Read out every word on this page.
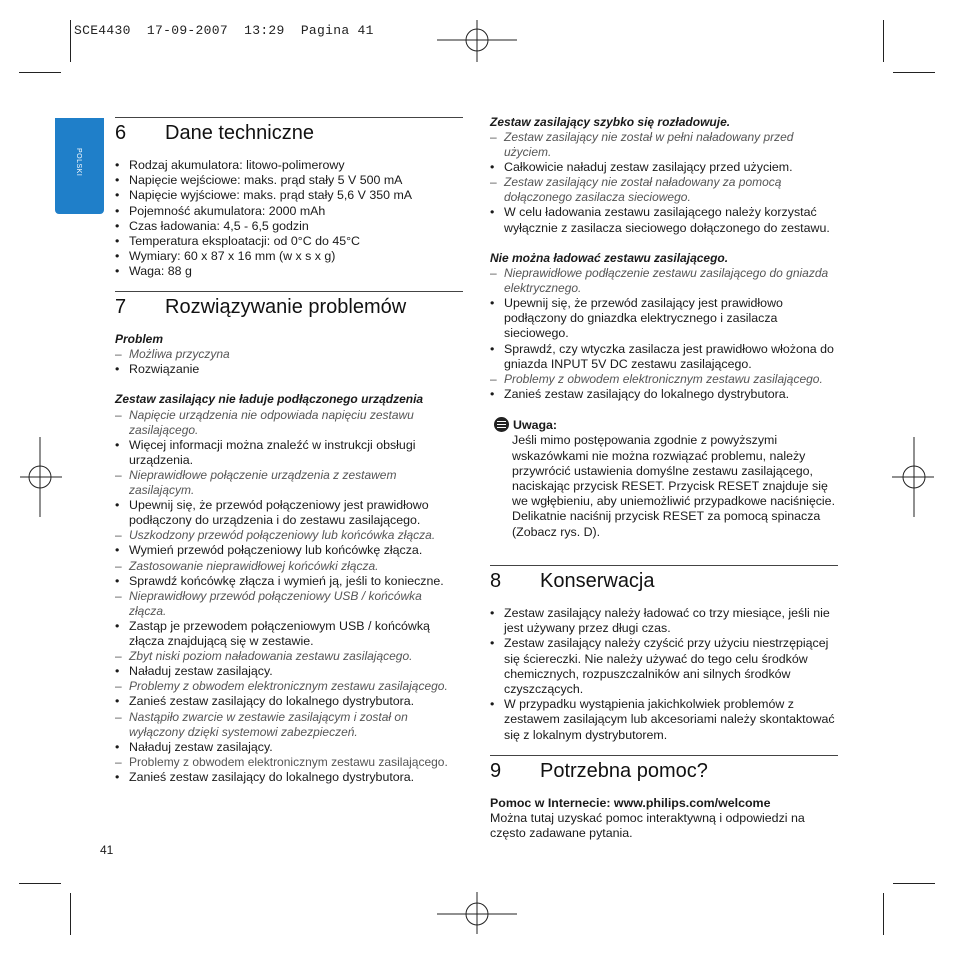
SCE4430  17-09-2007  13:29  Pagina 41
POLSKI
6 Dane techniczne
• Rodzaj akumulatora: litowo-polimerowy
• Napięcie wejściowe: maks. prąd stały 5 V 500 mA
• Napięcie wyjściowe: maks. prąd stały 5,6 V 350 mA
• Pojemność akumulatora: 2000 mAh
• Czas ładowania: 4,5 - 6,5 godzin
• Temperatura eksploatacji: od 0°C do 45°C
• Wymiary: 60 x 87 x 16 mm (w x s x g)
• Waga: 88 g
7 Rozwiązywanie problemów
Problem
– Możliwa przyczyna
• Rozwiązanie
Zestaw zasilający nie ładuje podłączonego urządzenia
– Napięcie urządzenia nie odpowiada napięciu zestawu zasilającego.
• Więcej informacji można znaleźć w instrukcji obsługi urządzenia.
– Nieprawidłowe połączenie urządzenia z zestawem zasilającym.
• Upewnij się, że przewód połączeniowy jest prawidłowo podłączony do urządzenia i do zestawu zasilającego.
– Uszkodzony przewód połączeniowy lub końcówka złącza.
• Wymień przewód połączeniowy lub końcówkę złącza.
– Zastosowanie nieprawidłowej końcówki złącza.
• Sprawdź końcówkę złącza i wymień ją, jeśli to konieczne.
– Nieprawidłowy przewód połączeniowy USB / końcówka złącza.
• Zastąp je przewodem połączeniowym USB / końcówką złącza znajdującą się w zestawie.
– Zbyt niski poziom naładowania zestawu zasilającego.
• Naładuj zestaw zasilający.
– Problemy z obwodem elektronicznym zestawu zasilającego.
• Zanieś zestaw zasilający do lokalnego dystrybutora.
– Nastąpiło zwarcie w zestawie zasilającym i został on wyłączony dzięki systemowi zabezpieczeń.
• Naładuj zestaw zasilający.
– Problemy z obwodem elektronicznym zestawu zasilającego.
• Zanieś zestaw zasilający do lokalnego dystrybutora.
41
Zestaw zasilający szybko się rozładowuje.
– Zestaw zasilający nie został w pełni naładowany przed użyciem.
• Całkowicie naładuj zestaw zasilający przed użyciem.
– Zestaw zasilający nie został naładowany za pomocą dołączonego zasilacza sieciowego.
• W celu ładowania zestawu zasilającego należy korzystać wyłącznie z zasilacza sieciowego dołączonego do zestawu.
Nie można ładować zestawu zasilającego.
– Nieprawidłowe podłączenie zestawu zasilającego do gniazda elektrycznego.
• Upewnij się, że przewód zasilający jest prawidłowo podłączony do gniazdka elektrycznego i zasilacza sieciowego.
• Sprawdź, czy wtyczka zasilacza jest prawidłowo włożona do gniazda INPUT 5V DC zestawu zasilającego.
– Problemy z obwodem elektronicznym zestawu zasilającego.
• Zanieś zestaw zasilający do lokalnego dystrybutora.
Uwaga:
Jeśli mimo postępowania zgodnie z powyższymi wskazówkami nie można rozwiązać problemu, należy przywrócić ustawienia domyślne zestawu zasilającego, naciskając przycisk RESET. Przycisk RESET znajduje się we wgłębieniu, aby uniemożliwić przypadkowe naciśnięcie. Delikatnie naciśnij przycisk RESET za pomocą spinacza (Zobacz rys. D).
8 Konserwacja
• Zestaw zasilający należy ładować co trzy miesiące, jeśli nie jest używany przez długi czas.
• Zestaw zasilający należy czyścić przy użyciu niestrzępiącej się ściereczki. Nie należy używać do tego celu środków chemicznych, rozpuszczalników ani silnych środków czyszczących.
• W przypadku wystąpienia jakichkolwiek problemów z zestawem zasilającym lub akcesoriami należy skontaktować się z lokalnym dystrybutorem.
9 Potrzebna pomoc?
Pomoc w Internecie: www.philips.com/welcome
Można tutaj uzyskać pomoc interaktywną i odpowiedzi na często zadawane pytania.
